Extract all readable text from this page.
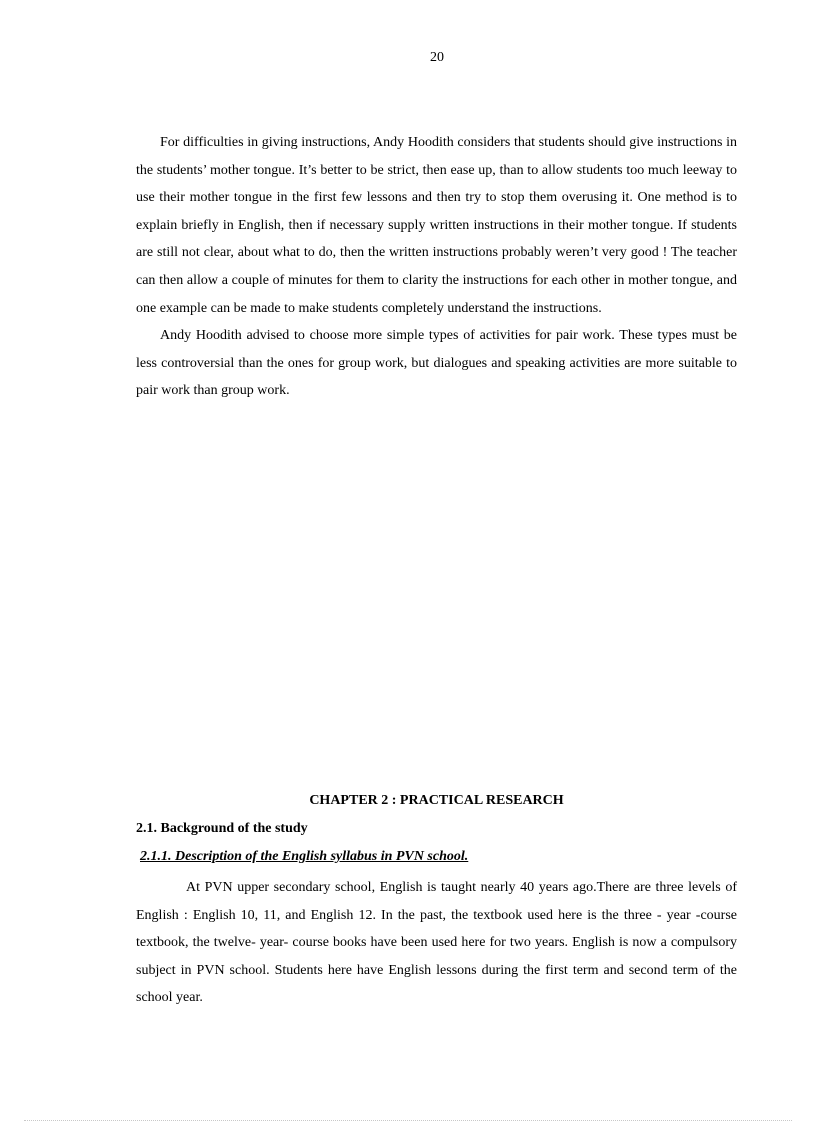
20

For difficulties in giving instructions, Andy Hoodith considers that students should give instructions in the students’ mother tongue. It’s better to be strict, then ease up, than to allow students too much leeway to use their mother tongue in the first few lessons and then try to stop them overusing it. One method is to explain briefly in English, then if necessary supply written instructions in their mother tongue. If students are still not clear, about what to do, then the written instructions probably weren’t very good ! The teacher can then allow a couple of minutes for them to clarity the instructions for each other in mother tongue, and one example can be made to make students completely understand the instructions.

Andy Hoodith advised to choose more simple types of activities for pair work. These types must be less controversial than the ones for group work, but dialogues and speaking activities are more suitable to pair work than group work.

CHAPTER 2 : PRACTICAL RESEARCH
2.1. Background of the study
2.1.1. Description of the English syllabus in PVN school.

At PVN upper secondary school, English is taught nearly 40 years ago.There are three levels of English : English 10, 11, and English 12. In the past, the textbook used here is the three - year -course textbook, the twelve- year- course books have been used here for two years. English is now a compulsory subject in PVN school. Students here have English lessons during the first term and second term of the school year.
